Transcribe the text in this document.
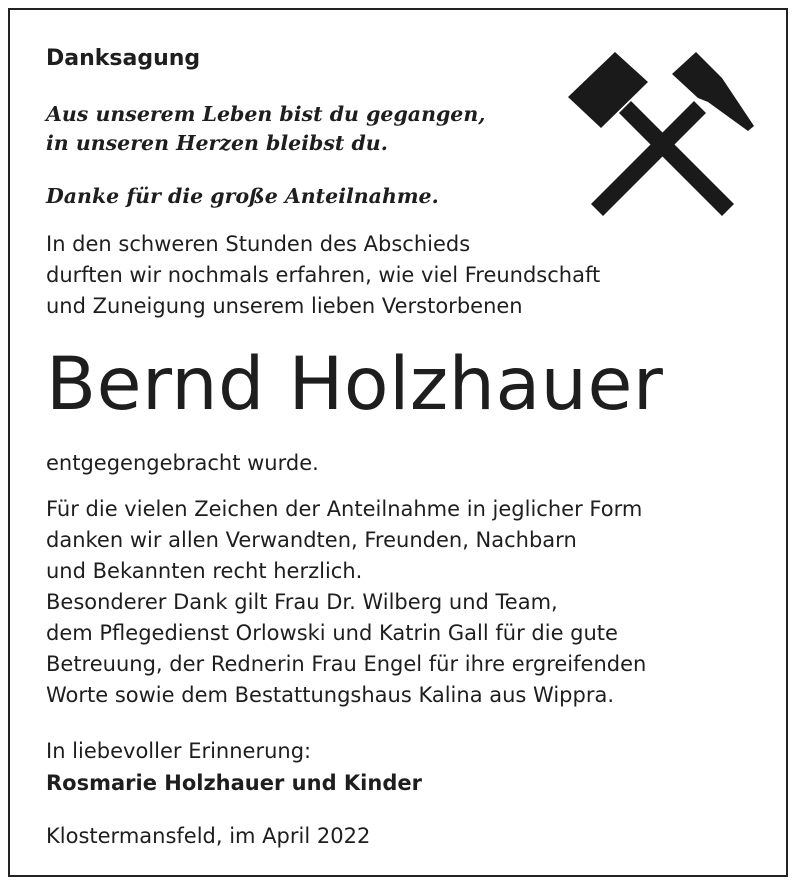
Danksagung
Aus unserem Leben bist du gegangen,
in unseren Herzen bleibst du.
Danke für die große Anteilnahme.
In den schweren Stunden des Abschieds
durften wir nochmals erfahren, wie viel Freundschaft
und Zuneigung unserem lieben Verstorbenen
Bernd Holzhauer
entgegengebracht wurde.
Für die vielen Zeichen der Anteilnahme in jeglicher Form
danken wir allen Verwandten, Freunden, Nachbarn
und Bekannten recht herzlich.
Besonderer Dank gilt Frau Dr. Wilberg und Team,
dem Pflegedienst Orlowski und Katrin Gall für die gute
Betreuung, der Rednerin Frau Engel für ihre ergreifenden
Worte sowie dem Bestattungshaus Kalina aus Wippra.
In liebevoller Erinnerung:
Rosmarie Holzhauer und Kinder
Klostermansfeld, im April 2022
